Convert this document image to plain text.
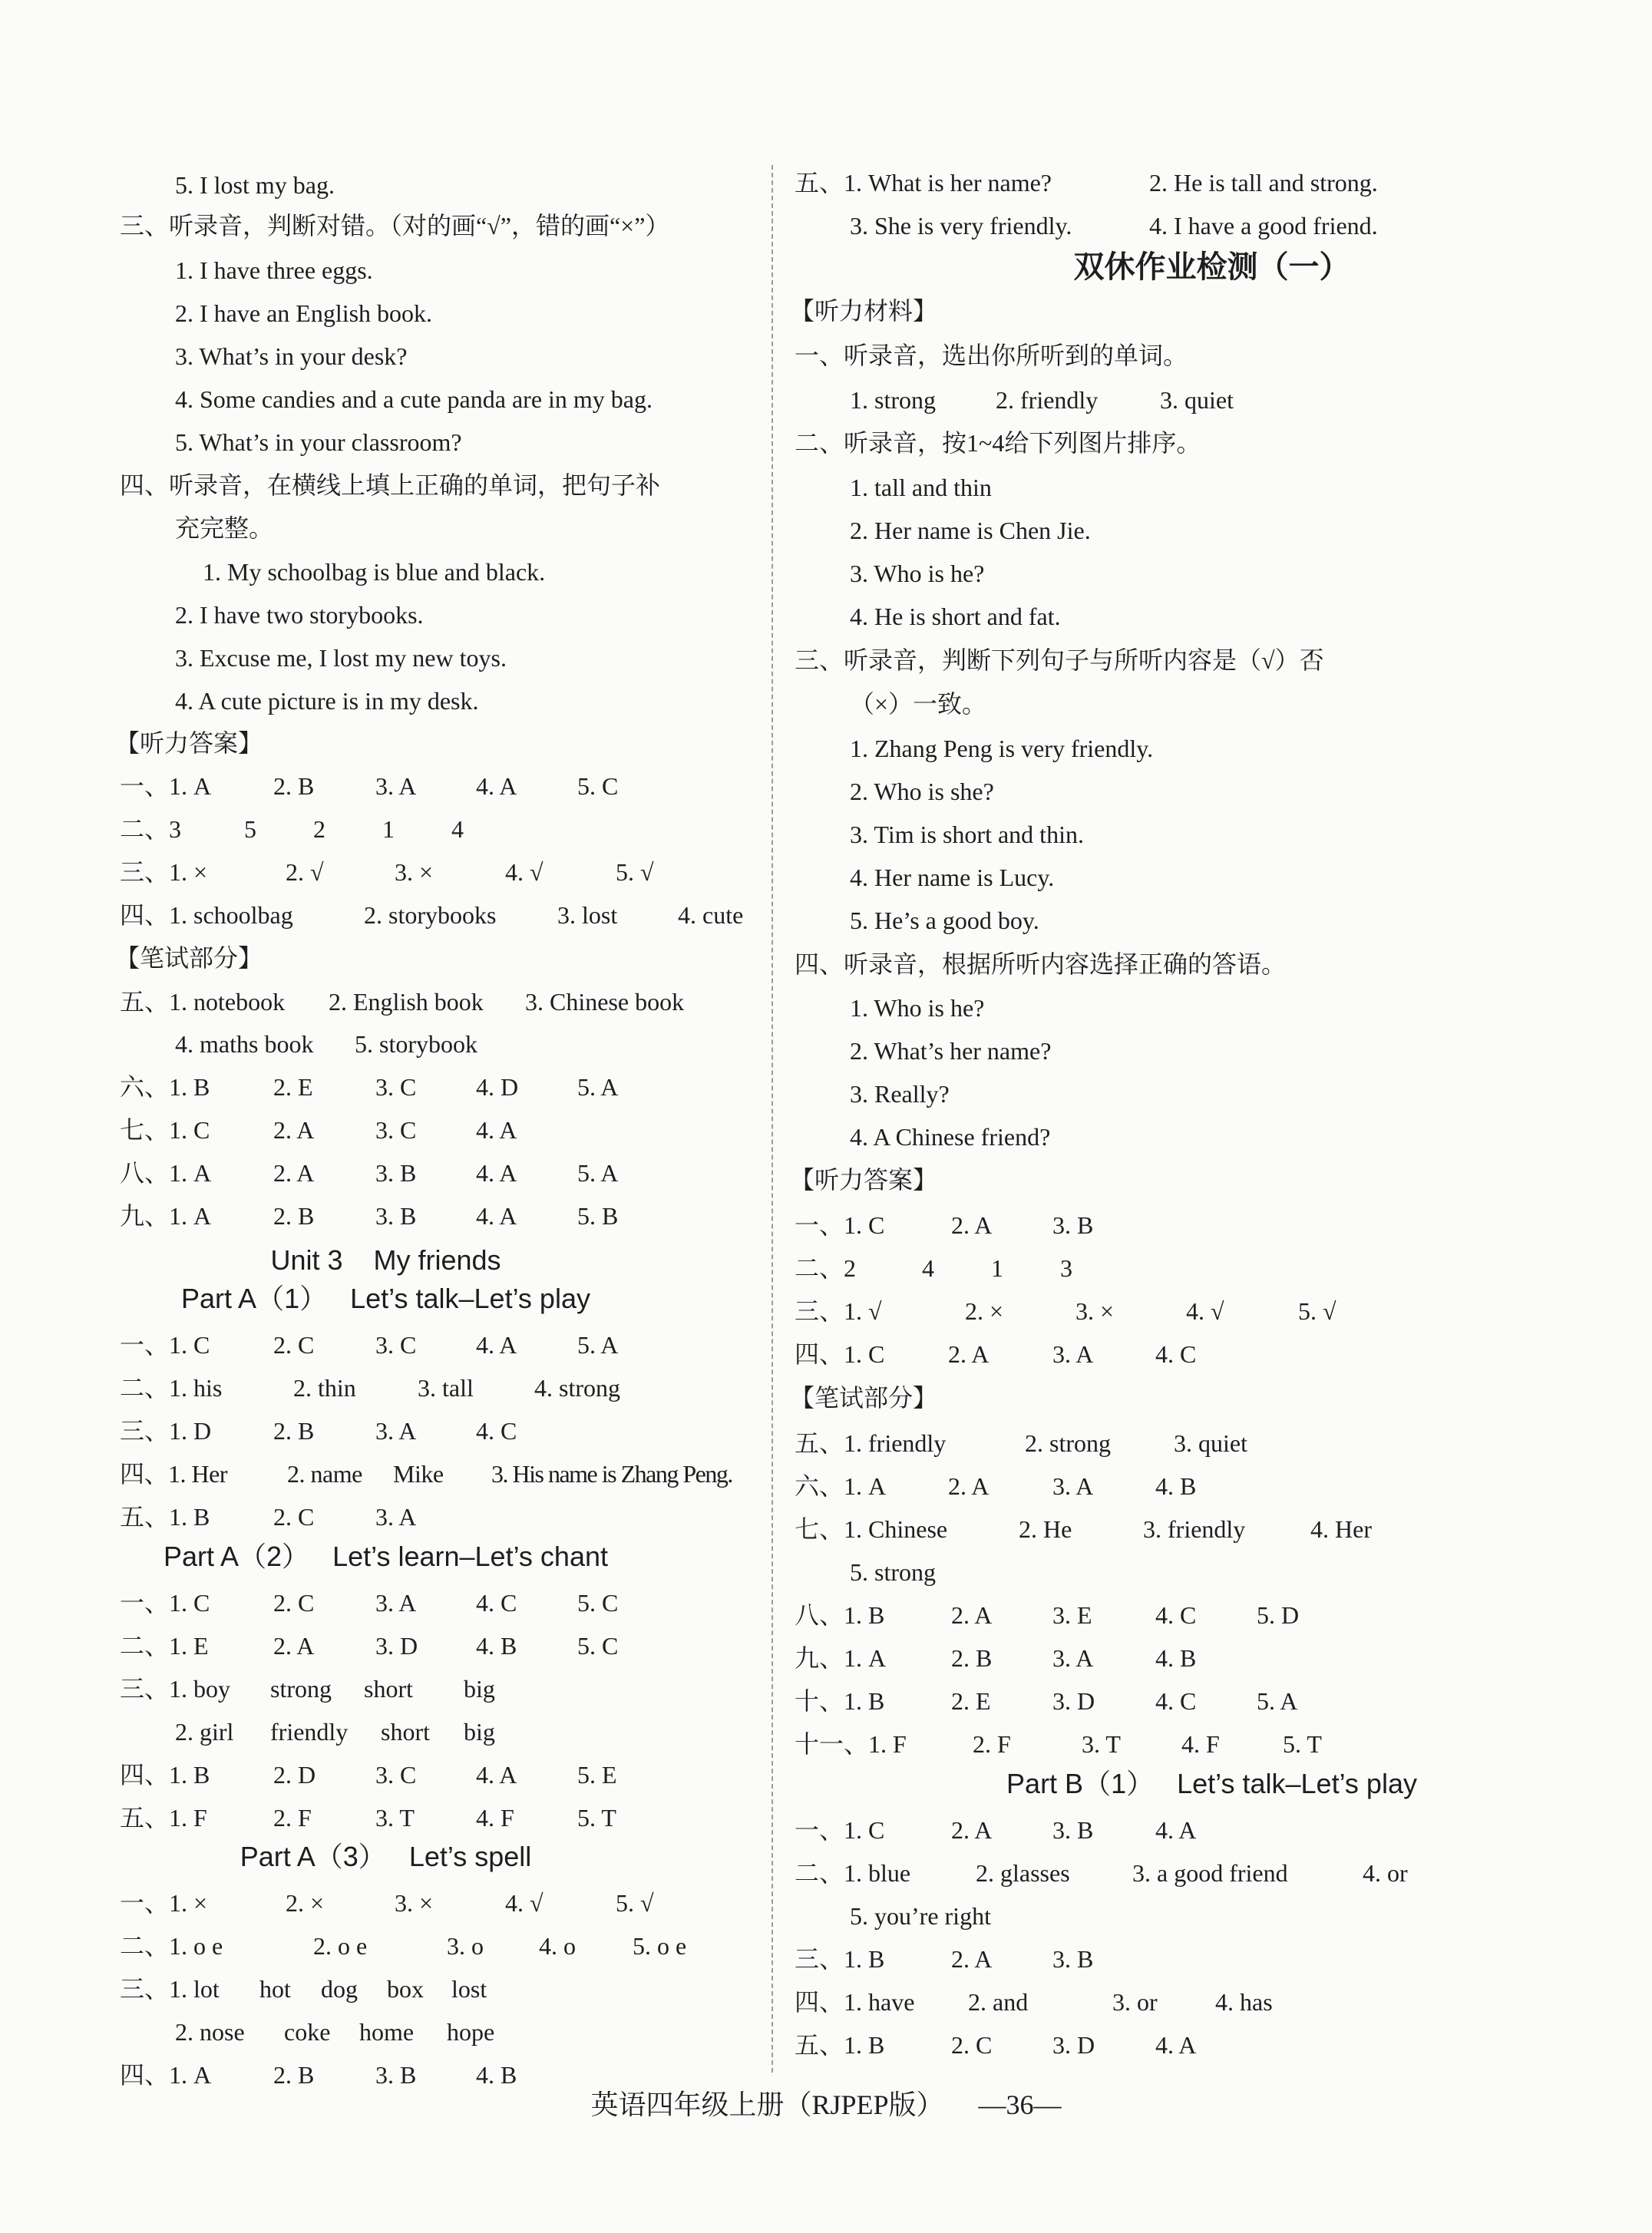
5. I lost my bag.
三、听录音，判断对错。（对的画“√”，错的画“×”）
1. I have three eggs.
2. I have an English book.
3. What’s in your desk?
4. Some candies and a cute panda are in my bag.
5. What’s in your classroom?
四、听录音，在横线上填上正确的单词，把句子补
充完整。
1. My schoolbag is blue and black.
2. I have two storybooks.
3. Excuse me, I lost my new toys.
4. A cute picture is in my desk.
【听力答案】
一、1. A	2. B 3. A 4. A 5. C
二、3	5 2 1 4
三、1. ×	2. √	3. ×	4. √	5. √
四、1. schoolbag	2. storybooks 3. lost 4. cute
【笔试部分】
五、1. notebook 2. English book 3. Chinese book
4. maths book 5. storybook
六、1. B	2. E	3. C 4. D 5. A
七、1. C	2. A 3. C 4. A
八、1. A	2. A 3. B 4. A 5. A
九、1. A	2. B 3. B 4. A 5. B
Unit 3    My friends
Part A（1）   Let’s talk–Let’s play
一、1. C	2. C 3. C 4. A 5. A
二、1. his	2. thin	3. tall 4. strong
三、1. D	2. B 3. A 4. C
四、1. Her 2. name Mike 3. His name is Zhang Peng.
五、1. B	2. C 3. A
Part A（2）   Let’s learn–Let’s chant
一、1. C	2. C 3. A 4. C 5. C
二、1. E	2. A 3. D 4. B 5. C
三、1. boy strong short big
2. girl friendly short big
四、1. B	2. D 3. C 4. A 5. E
五、1. F	2. F	3. T	4. F	5. T
Part A（3）   Let’s spell
一、1. ×	2. ×	3. ×	4. √	5. √
二、1. o e	2. o e	3. o 4. o 5. o e
三、1. lot hot dog box lost
2. nose coke home hope
四、1. A	2. B 3. B 4. B
五、1. What is her name?	2. He is tall and strong.
3. She is very friendly.	4. I have a good friend.
双休作业检测（一）
【听力材料】
一、听录音，选出你所听到的单词。
1. strong 2. friendly	3. quiet
二、听录音，按1~4给下列图片排序。
1. tall and thin
2. Her name is Chen Jie.
3. Who is he?
4. He is short and fat.
三、听录音，判断下列句子与所听内容是（√）否
（×）一致。
1. Zhang Peng is very friendly.
2. Who is she?
3. Tim is short and thin.
4. Her name is Lucy.
5. He’s a good boy.
四、听录音，根据所听内容选择正确的答语。
1. Who is he?
2. What’s her name?
3. Really?
4. A Chinese friend?
【听力答案】
一、1. C	2. A 3. B
二、2	4 1 3
三、1. √	2. ×	3. ×	4. √	5. √
四、1. C	2. A	3. A	4. C
【笔试部分】
五、1. friendly	2. strong	3. quiet
六、1. A	2. A	3. A	4. B
七、1. Chinese	2. He	3. friendly	4. Her
5. strong
八、1. B	2. A 3. E	4. C 5. D
九、1. A	2. B 3. A	4. B
十、1. B	2. E	3. D 4. C 5. A
十一、1. F	2. F	3. T 4. F	5. T
Part B（1）   Let’s talk–Let’s play
一、1. C	2. A 3. B	4. A
二、1. blue	2. glasses	3. a good friend	4. or
5. you’re right
三、1. B	2. A 3. B
四、1. have 2. and	3. or 4. has
五、1. B	2. C 3. D 4. A
英语四年级上册（RJPEP版） —36—
